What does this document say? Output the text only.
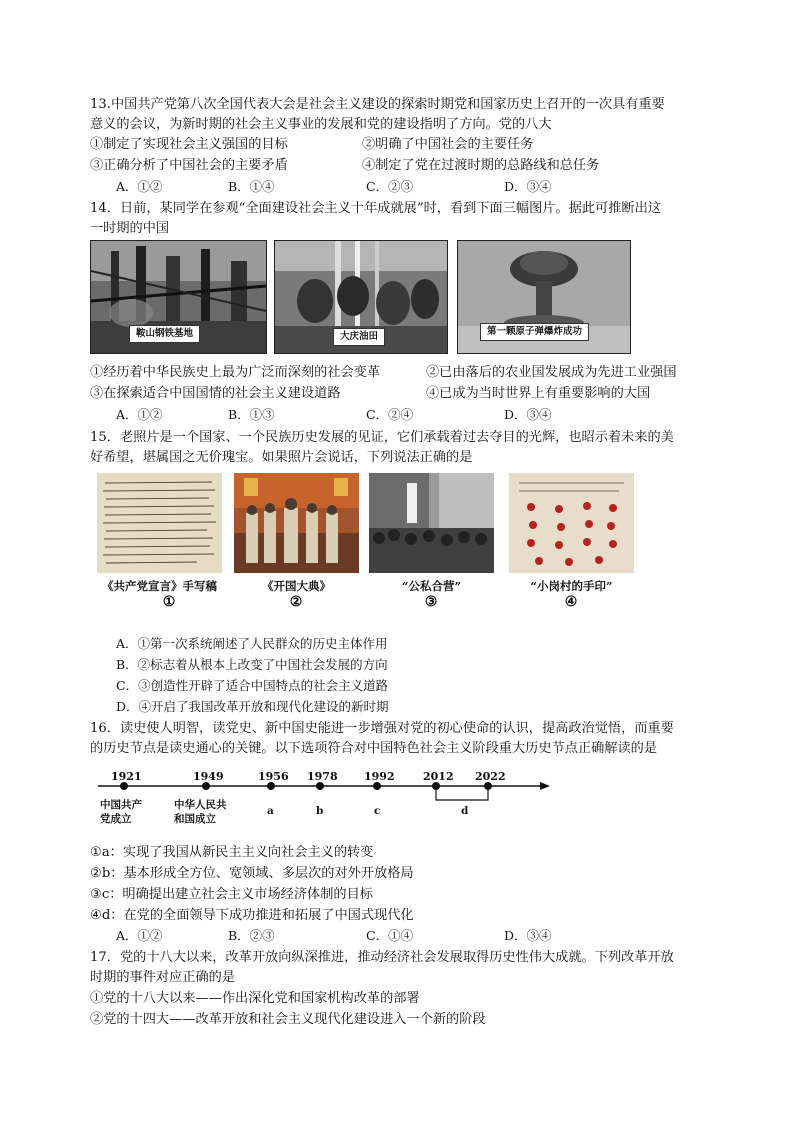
13.中国共产党第八次全国代表大会是社会主义建设的探索时期党和国家历史上召开的一次具有重要
意义的会议，为新时期的社会主义事业的发展和党的建设指明了方向。党的八大
①制定了实现社会主义强国的目标	②明确了中国社会的主要任务
③正确分析了中国社会的主要矛盾	④制定了党在过渡时期的总路线和总任务
A．①②	B．①④	C．②③	D．③④
14．日前，某同学在参观“全面建设社会主义十年成就展”时，看到下面三幅图片。据此可推断出这
一时期的中国
鞍山钢铁基地	大庆油田	第一颗原子弹爆炸成功
①经历着中华民族史上最为广泛而深刻的社会变革	②已由落后的农业国发展成为先进工业强国
③在探索适合中国国情的社会主义建设道路	④已成为当时世界上有重要影响的大国
A．①②	B．①③	C．②④	D．③④
15．老照片是一个国家、一个民族历史发展的见证，它们承载着过去夺目的光辉，也昭示着未来的美
好希望，堪属国之无价瑰宝。如果照片会说话，下列说法正确的是
《共产党宣言》手写稿	《开国大典》	“公私合营”	“小岗村的手印”
①	②	③	④
A．①第一次系统阐述了人民群众的历史主体作用
B．②标志着从根本上改变了中国社会发展的方向
C．③创造性开辟了适合中国特点的社会主义道路
D．④开启了我国改革开放和现代化建设的新时期
16．读史使人明智，读党史、新中国史能进一步增强对党的初心使命的认识，提高政治觉悟，而重要
的历史节点是读史通心的关键。以下选项符合对中国特色社会主义阶段重大历史节点正确解读的是
1921	1949	1956 1978 1992	2012 2022
中国共产
党成立
中华人民共
和国成立
a	b	c	d
①a：实现了我国从新民主主义向社会主义的转变
②b：基本形成全方位、宽领域、多层次的对外开放格局
③c：明确提出建立社会主义市场经济体制的目标
④d：在党的全面领导下成功推进和拓展了中国式现代化
A．①②	B．②③	C．①④	D．③④
17．党的十八大以来，改革开放向纵深推进，推动经济社会发展取得历史性伟大成就。下列改革开放
时期的事件对应正确的是
①党的十八大以来——作出深化党和国家机构改革的部署
②党的十四大——改革开放和社会主义现代化建设进入一个新的阶段
